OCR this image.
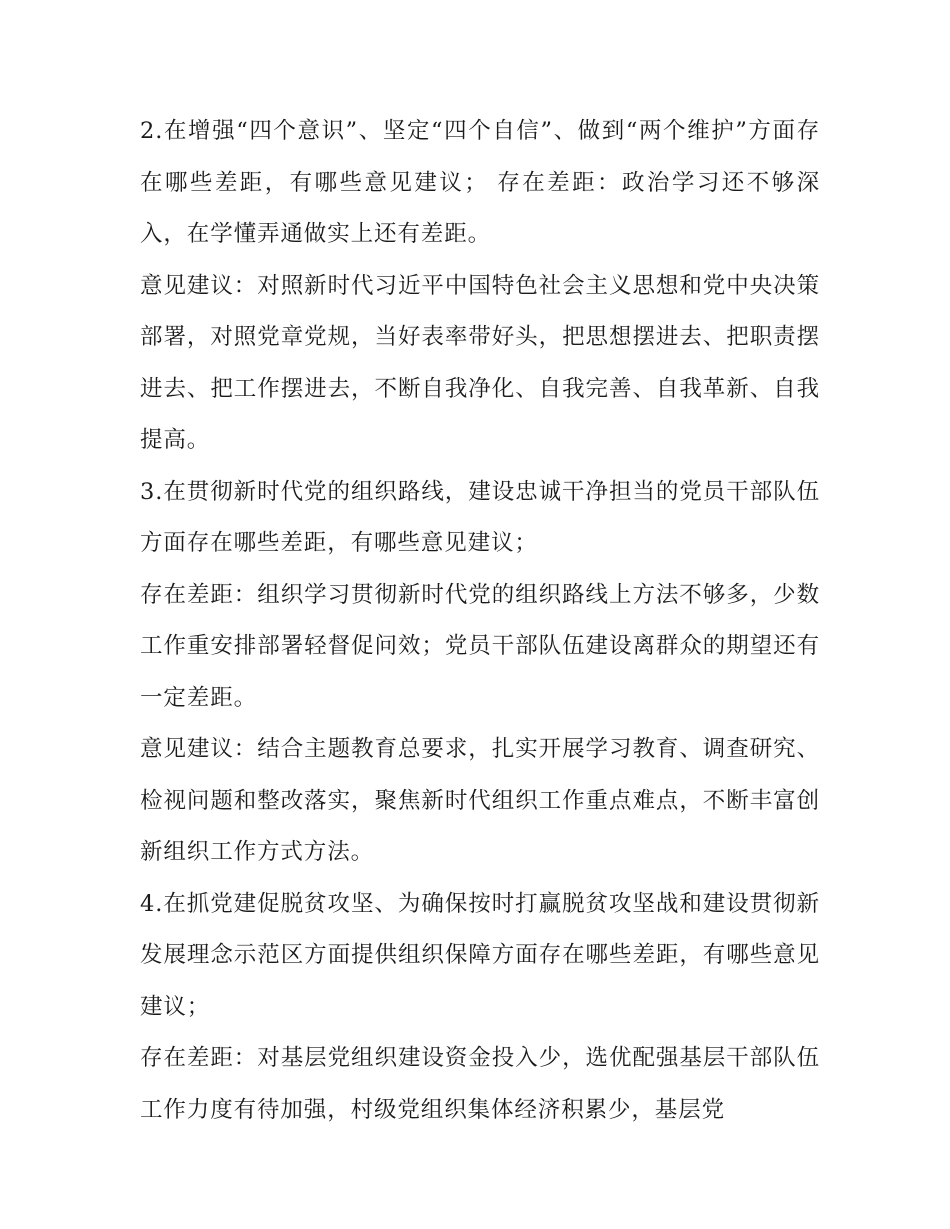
2.在增强“四个意识”、坚定“四个自信”、做到“两个维护”方面存在哪些差距，有哪些意见建议； 存在差距：政治学习还不够深入，在学懂弄通做实上还有差距。

意见建议：对照新时代习近平中国特色社会主义思想和党中央决策部署，对照党章党规，当好表率带好头，把思想摆进去、把职责摆进去、把工作摆进去，不断自我净化、自我完善、自我革新、自我提高。

3.在贯彻新时代党的组织路线，建设忠诚干净担当的党员干部队伍方面存在哪些差距，有哪些意见建议；

存在差距：组织学习贯彻新时代党的组织路线上方法不够多，少数工作重安排部署轻督促问效；党员干部队伍建设离群众的期望还有一定差距。

意见建议：结合主题教育总要求，扎实开展学习教育、调查研究、检视问题和整改落实，聚焦新时代组织工作重点难点，不断丰富创新组织工作方式方法。

4.在抓党建促脱贫攻坚、为确保按时打赢脱贫攻坚战和建设贯彻新发展理念示范区方面提供组织保障方面存在哪些差距，有哪些意见建议；

存在差距：对基层党组织建设资金投入少，选优配强基层干部队伍工作力度有待加强，村级党组织集体经济积累少，基层党
